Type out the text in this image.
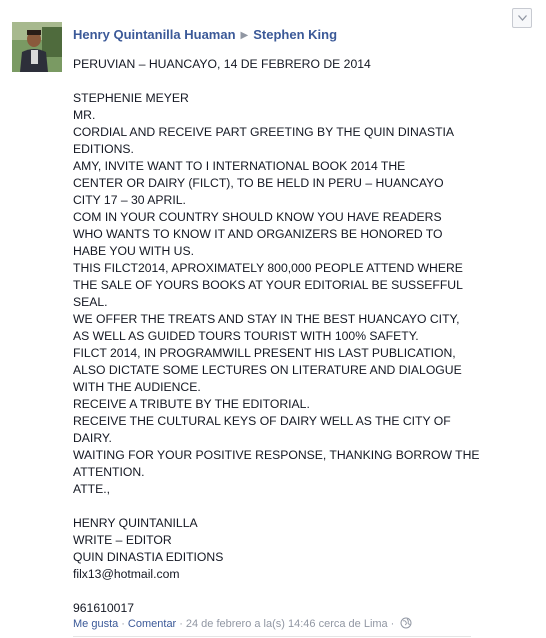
Henry Quintanilla Huaman ▶ Stephen King
PERUVIAN – HUANCAYO, 14 DE FEBRERO DE 2014
STEPHENIE MEYER
MR.
CORDIAL AND RECEIVE PART GREETING BY THE QUIN DINASTIA
EDITIONS.
AMY, INVITE WANT TO I INTERNATIONAL BOOK 2014 THE
CENTER OR DAIRY (FILCT), TO BE HELD IN PERU – HUANCAYO
CITY 17 – 30 APRIL.
COM IN YOUR COUNTRY SHOULD KNOW YOU HAVE READERS
WHO WANTS TO KNOW IT AND ORGANIZERS BE HONORED TO
HABE YOU WITH US.
THIS FILCT2014, APROXIMATELY 800,000 PEOPLE ATTEND WHERE
THE SALE OF YOURS BOOKS AT YOUR EDITORIAL BE SUSSEFFUL
SEAL.
WE OFFER THE TREATS AND STAY IN THE BEST HUANCAYO CITY,
AS WELL AS GUIDED TOURS TOURIST WITH 100% SAFETY.
FILCT 2014, IN PROGRAMWILL PRESENT HIS LAST PUBLICATION,
ALSO DICTATE SOME LECTURES ON LITERATURE AND DIALOGUE
WITH THE AUDIENCE.
RECEIVE A TRIBUTE BY THE EDITORIAL.
RECEIVE THE CULTURAL KEYS OF DAIRY WELL AS THE CITY OF
DAIRY.
WAITING FOR YOUR POSITIVE RESPONSE, THANKING BORROW THE
ATTENTION.
ATTE.,
HENRY QUINTANILLA
WRITE – EDITOR
QUIN DINASTIA EDITIONS
filx13@hotmail.com
961610017
Me gusta · Comentar · 24 de febrero a la(s) 14:46 cerca de Lima ·
